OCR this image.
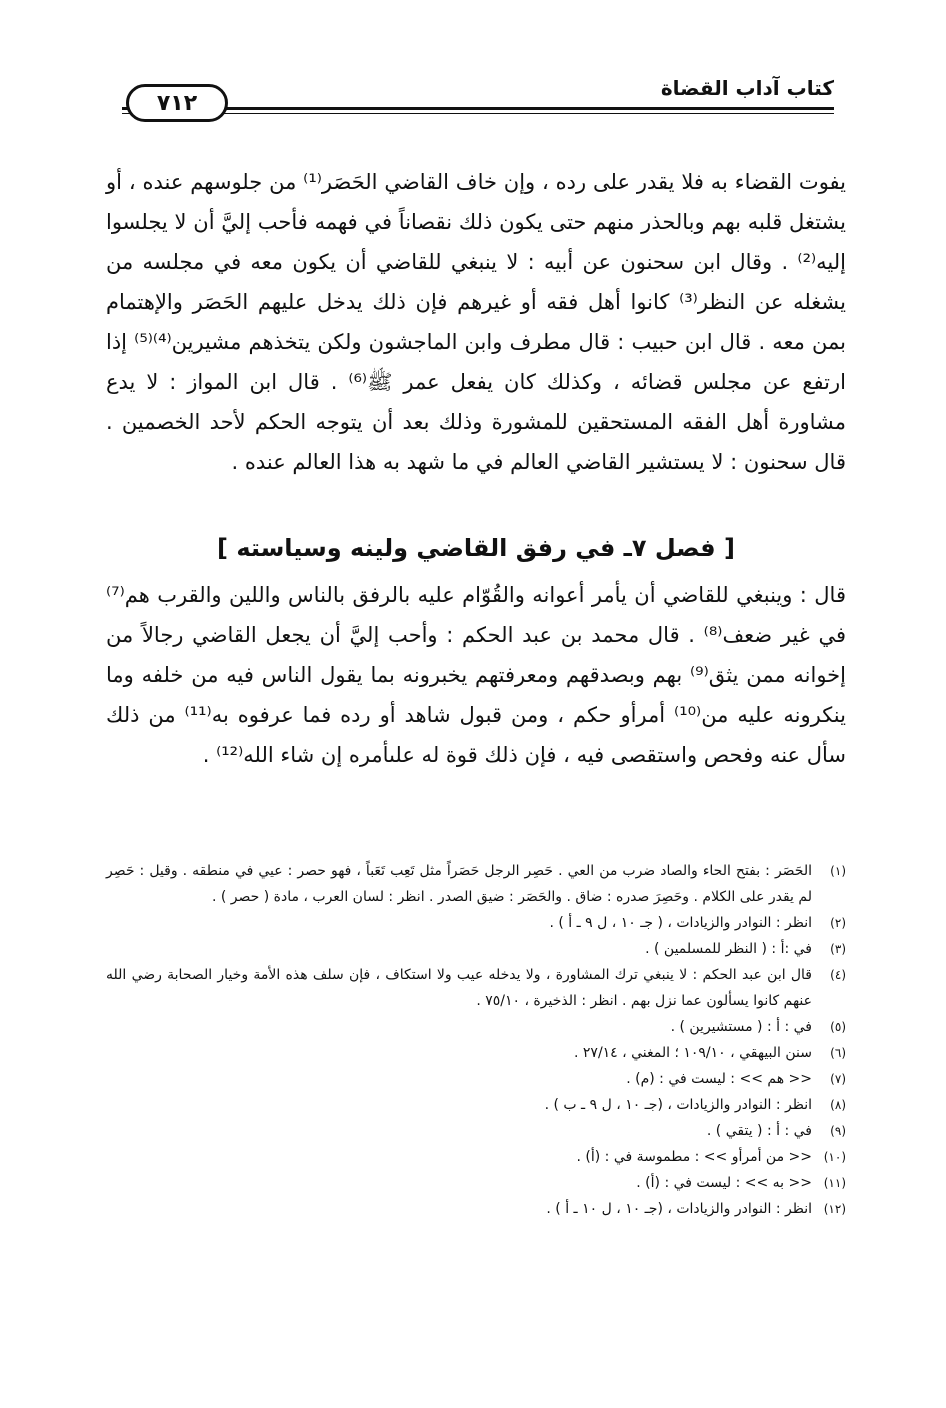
كتاب آداب القضاة
٧١٢

يفوت القضاء به فلا يقدر على رده ، وإن خاف القاضي الحَصَر⁽¹⁾ من جلوسهم عنده ، أو يشتغل قلبه بهم وبالحذر منهم حتى يكون ذلك نقصاناً في فهمه فأحب إليَّ أن لا يجلسوا إليه⁽²⁾ . وقال ابن سحنون عن أبيه : لا ينبغي للقاضي أن يكون معه في مجلسه من يشغله عن النظر⁽³⁾ كانوا أهل فقه أو غيرهم فإن ذلك يدخل عليهم الحَصَر والإهتمام بمن معه . قال ابن حبيب : قال مطرف وابن الماجشون ولكن يتخذهم مشيرين⁽⁴⁾⁽⁵⁾ إذا ارتفع عن مجلس قضائه ، وكذلك كان يفعل عمر ﷺ⁽⁶⁾ . قال ابن المواز : لا يدع مشاورة أهل الفقه المستحقين للمشورة وذلك بعد أن يتوجه الحكم لأحد الخصمين . قال سحنون : لا يستشير القاضي العالم في ما شهد به هذا العالم عنده .

[ فصل ٧ـ في رفق القاضي ولينه وسياسته ]

قال : وينبغي للقاضي أن يأمر أعوانه والقُوّام عليه بالرفق بالناس واللين والقرب هم⁽⁷⁾ في غير ضعف⁽⁸⁾ . قال محمد بن عبد الحكم : وأحب إليَّ أن يجعل القاضي رجالاً من إخوانه ممن يثق⁽⁹⁾ بهم وبصدقهم ومعرفتهم يخبرونه بما يقول الناس فيه من خلفه وما ينكرونه عليه من⁽¹⁰⁾ أمرأو حكم ، ومن قبول شاهد أو رده فما عرفوه به⁽¹¹⁾ من ذلك سأل عنه وفحص واستقصى فيه ، فإن ذلك قوة له علىأمره إن شاء الله⁽¹²⁾ .

(١)
الحَصَر : بفتح الحاء والصاد ضرب من العي . حَصِر الرجل حَصَراً مثل تَعِب تَعَباً ، فهو حصر : عيي في منطقه . وقيل : حَصِر لم يقدر على الكلام . وحَصِرَ صدره : ضاق . والحَصَر : ضيق الصدر . انظر : لسان العرب ، مادة ( حصر ) .
(٢)
انظر : النوادر والزيادات ، ( جـ ١٠ ، ل ٩ ـ أ ) .
(٣)
في :أ : ( النظر للمسلمين ) .
(٤)
قال ابن عبد الحكم : لا ينبغي ترك المشاورة ، ولا يدخله عيب ولا استكاف ، فإن سلف هذه الأمة وخيار الصحابة رضي الله عنهم كانوا يسألون عما نزل بهم . انظر : الذخيرة ، ٧٥/١٠ .
(٥)
في : أ : ( مستشيرين ) .
(٦)
سنن البيهقي ، ١٠٩/١٠ ؛ المغني ، ٢٧/١٤ .
(٧)
<< هم >> : ليست في : (م) .
(٨)
انظر : النوادر والزيادات ، (جـ ١٠ ، ل ٩ ـ ب ) .
(٩)
في : أ : ( يتقي ) .
(١٠)
<< من أمرأو >> : مطموسة في : (أ) .
(١١)
<< به >> : ليست في : (أ) .
(١٢)
انظر : النوادر والزيادات ، (جـ ١٠ ، ل ١٠ ـ أ ) .
